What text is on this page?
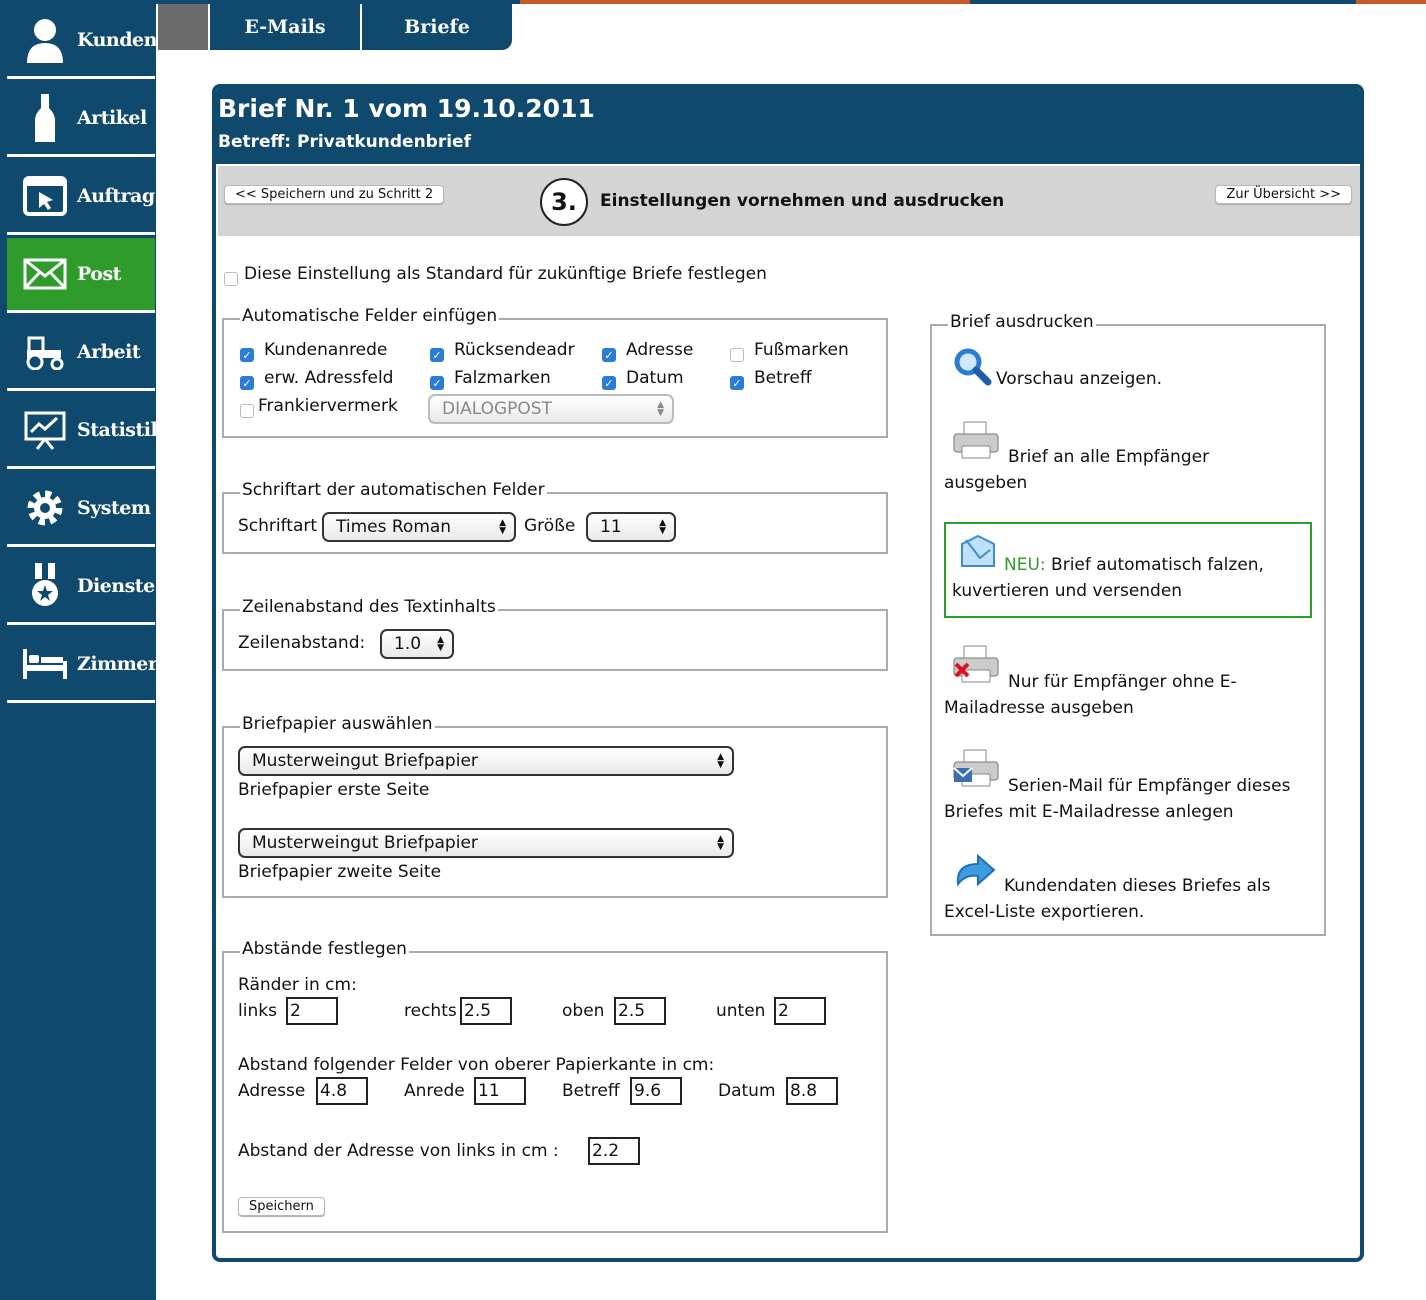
Kunden
Artikel
Auftrag
Post
Arbeit
Statistik
System
Dienste
Zimmer
E-Mails	Briefe
Brief Nr. 1 vom 19.10.2011
Betreff: Privatkundenbrief
<< Speichern und zu Schritt 2	3.	Einstellungen vornehmen und ausdrucken	Zur Übersicht >>
Diese Einstellung als Standard für zukünftige Briefe festlegen
Automatische Felder einfügen
✓ Kundenanrede	✓ Rücksendeadr	✓ Adresse	Fußmarken
✓ erw. Adressfeld	✓ Falzmarken	✓ Datum	✓ Betreff
Frankiervermerk	DIALOGPOST	▲
▼
Schriftart der automatischen Felder
Schriftart Times Roman	▲
▼ Größe 11	▲
▼
Zeilenabstand des Textinhalts
Zeilenabstand: 1.0 ▲
▼
Briefpapier auswählen
Musterweingut Briefpapier	▲
▼
Briefpapier erste Seite
Musterweingut Briefpapier	▲
▼
Briefpapier zweite Seite
Abstände festlegen
Ränder in cm:
links 2	rechts 2.5	oben 2.5	unten 2
Abstand folgender Felder von oberer Papierkante in cm:
Adresse 4.8	Anrede 11	Betreff 9.6	Datum 8.8
Abstand der Adresse von links in cm : 2.2
Speichern
Brief ausdrucken
Vorschau anzeigen.
Brief an alle Empfänger
ausgeben
NEU: Brief automatisch falzen,
kuvertieren und versenden
Nur für Empfänger ohne E-
Mailadresse ausgeben
Serien-Mail für Empfänger dieses
Briefes mit E-Mailadresse anlegen
Kundendaten dieses Briefes als
Excel-Liste exportieren.
